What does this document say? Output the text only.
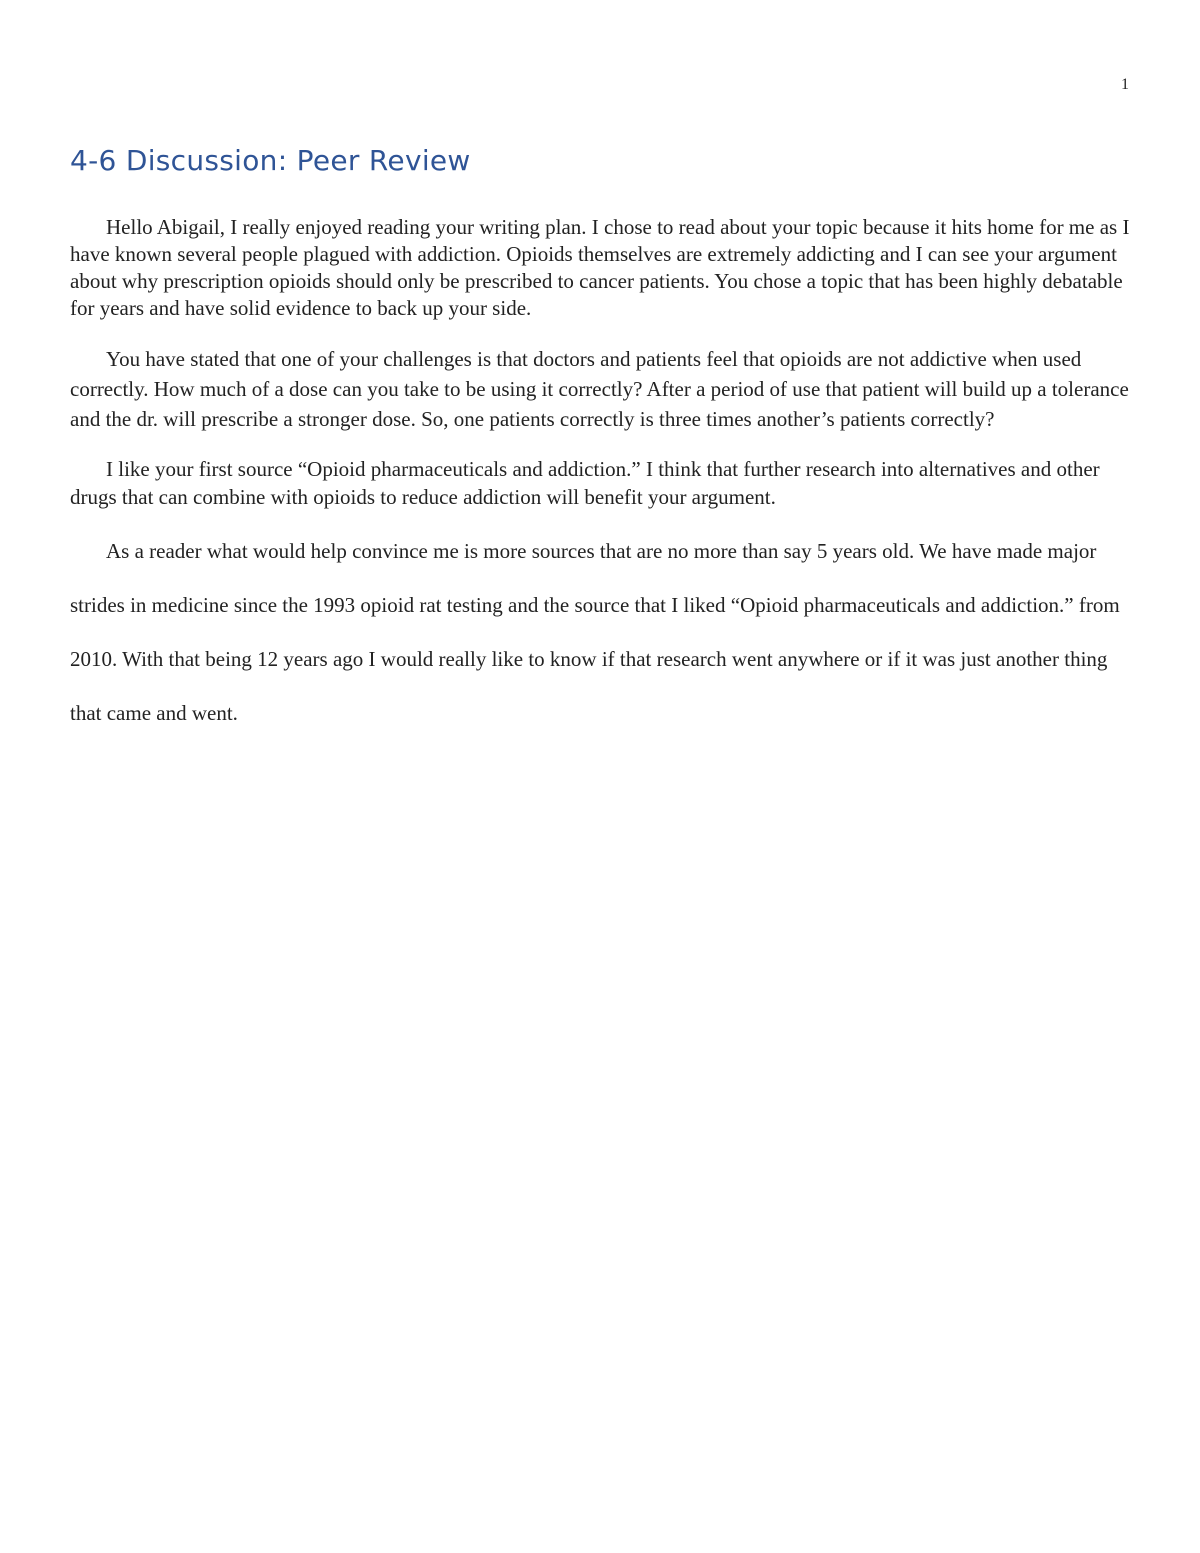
1
4-6 Discussion: Peer Review

Hello Abigail, I really enjoyed reading your writing plan. I chose to read about your topic because it hits home for me as I have known several people plagued with addiction. Opioids themselves are extremely addicting and I can see your argument about why prescription opioids should only be prescribed to cancer patients. You chose a topic that has been highly debatable for years and have solid evidence to back up your side.

You have stated that one of your challenges is that doctors and patients feel that opioids are not addictive when used correctly. How much of a dose can you take to be using it correctly? After a period of use that patient will build up a tolerance and the dr. will prescribe a stronger dose. So, one patients correctly is three times another’s patients correctly?

I like your first source “Opioid pharmaceuticals and addiction.” I think that further research into alternatives and other drugs that can combine with opioids to reduce addiction will benefit your argument.

As a reader what would help convince me is more sources that are no more than say 5 years old. We have made major strides in medicine since the 1993 opioid rat testing and the source that I liked “Opioid pharmaceuticals and addiction.” from 2010. With that being 12 years ago I would really like to know if that research went anywhere or if it was just another thing that came and went.
